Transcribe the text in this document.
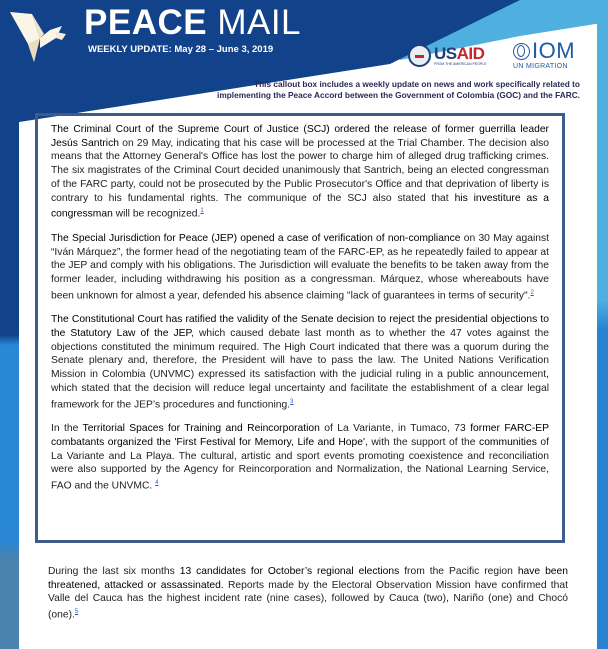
PEACE MAIL
WEEKLY UPDATE: May 28 – June 3, 2019	USAID
FROM THE AMERICAN PEOPLE
IOM
UN MIGRATION
This callout box includes a weekly update on news and work specifically related to
implementing the Peace Accord between the Government of Colombia (GOC) and the FARC.

The Criminal Court of the Supreme Court of Justice (SCJ) ordered the release of former guerrilla leader Jesús Santrich on 29 May, indicating that his case will be processed at the Trial Chamber. The decision also means that the Attorney General's Office has lost the power to charge him of alleged drug trafficking crimes. The six magistrates of the Criminal Court decided unanimously that Santrich, being an elected congressman of the FARC party, could not be prosecuted by the Public Prosecutor's Office and that deprivation of liberty is contrary to his fundamental rights. The communique of the SCJ also stated that his investiture as a congressman will be recognized.$^1$

The Special Jurisdiction for Peace (JEP) opened a case of verification of non-compliance on 30 May against “Iván Márquez”, the former head of the negotiating team of the FARC-EP, as he repeatedly failed to appear at the JEP and comply with his obligations. The Jurisdiction will evaluate the benefits to be taken away from the former leader, including withdrawing his position as a congressman. Márquez, whose whereabouts have been unknown for almost a year, defended his absence claiming "lack of guarantees in terms of security".$^2$

The Constitutional Court has ratified the validity of the Senate decision to reject the presidential objections to the Statutory Law of the JEP, which caused debate last month as to whether the 47 votes against the objections constituted the minimum required. The High Court indicated that there was a quorum during the Senate plenary and, therefore, the President will have to pass the law. The United Nations Verification Mission in Colombia (UNVMC) expressed its satisfaction with the judicial ruling in a public announcement, which stated that the decision will reduce legal uncertainty and facilitate the establishment of a clear legal framework for the JEP’s procedures and functioning.$^3$

In the Territorial Spaces for Training and Reincorporation of La Variante, in Tumaco, 73 former FARC-EP combatants organized the 'First Festival for Memory, Life and Hope', with the support of the communities of La Variante and La Playa. The cultural, artistic and sport events promoting coexistence and reconciliation were also supported by the Agency for Reincorporation and Normalization, the National Learning Service, FAO and the UNVMC. $^4$

During the last six months 13 candidates for October’s regional elections from the Pacific region have been threatened, attacked or assassinated. Reports made by the Electoral Observation Mission have confirmed that Valle del Cauca has the highest incident rate (nine cases), followed by Cauca (two), Nariño (one) and Chocó (one).$^5$
